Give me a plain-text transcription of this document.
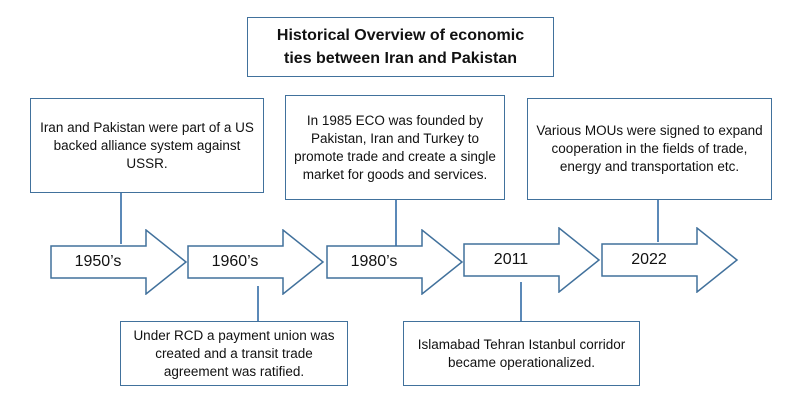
Historical Overview of economic
ties between Iran and Pakistan
Iran and Pakistan were part of a US backed alliance system against USSR.
In 1985 ECO was founded by Pakistan, Iran and Turkey to promote trade and create a single market for goods and services.
Various MOUs were signed to expand cooperation in the fields of trade, energy and transportation etc.
Under RCD a payment union was created and a transit trade agreement was ratified.
Islamabad Tehran Istanbul corridor became operationalized.
1950’s	1960’s	1980’s	2011	2022
